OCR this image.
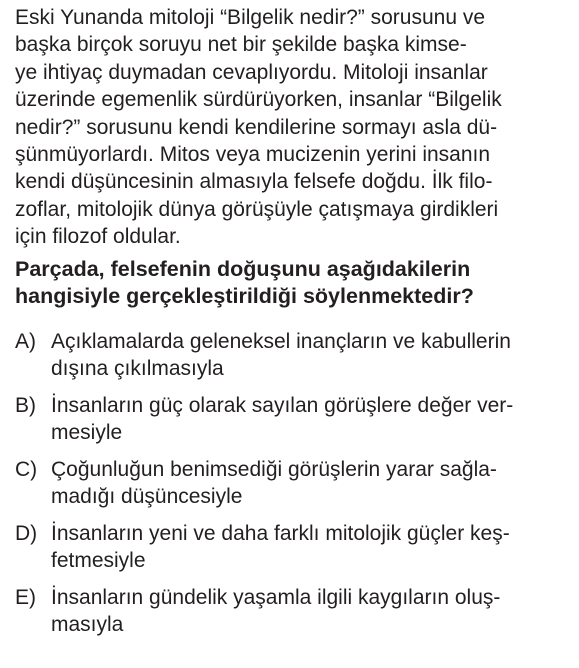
Eski Yunanda mitoloji “Bilgelik nedir?” sorusunu ve
başka birçok soruyu net bir şekilde başka kimse-
ye ihtiyaç duymadan cevaplıyordu. Mitoloji insanlar
üzerinde egemenlik sürdürüyorken, insanlar “Bilgelik
nedir?” sorusunu kendi kendilerine sormayı asla dü-
şünmüyorlardı. Mitos veya mucizenin yerini insanın
kendi düşüncesinin almasıyla felsefe doğdu. İlk filo-
zoflar, mitolojik dünya görüşüyle çatışmaya girdikleri
için filozof oldular.

Parçada, felsefenin doğuşunu aşağıdakilerin
hangisiyle gerçekleştirildiği söylenmektedir?

A) Açıklamalarda geleneksel inançların ve kabullerin
dışına çıkılmasıyla
B) İnsanların güç olarak sayılan görüşlere değer ver-
mesiyle
C) Çoğunluğun benimsediği görüşlerin yarar sağla-
madığı düşüncesiyle
D) İnsanların yeni ve daha farklı mitolojik güçler keş-
fetmesiyle
E) İnsanların gündelik yaşamla ilgili kaygıların oluş-
masıyla
